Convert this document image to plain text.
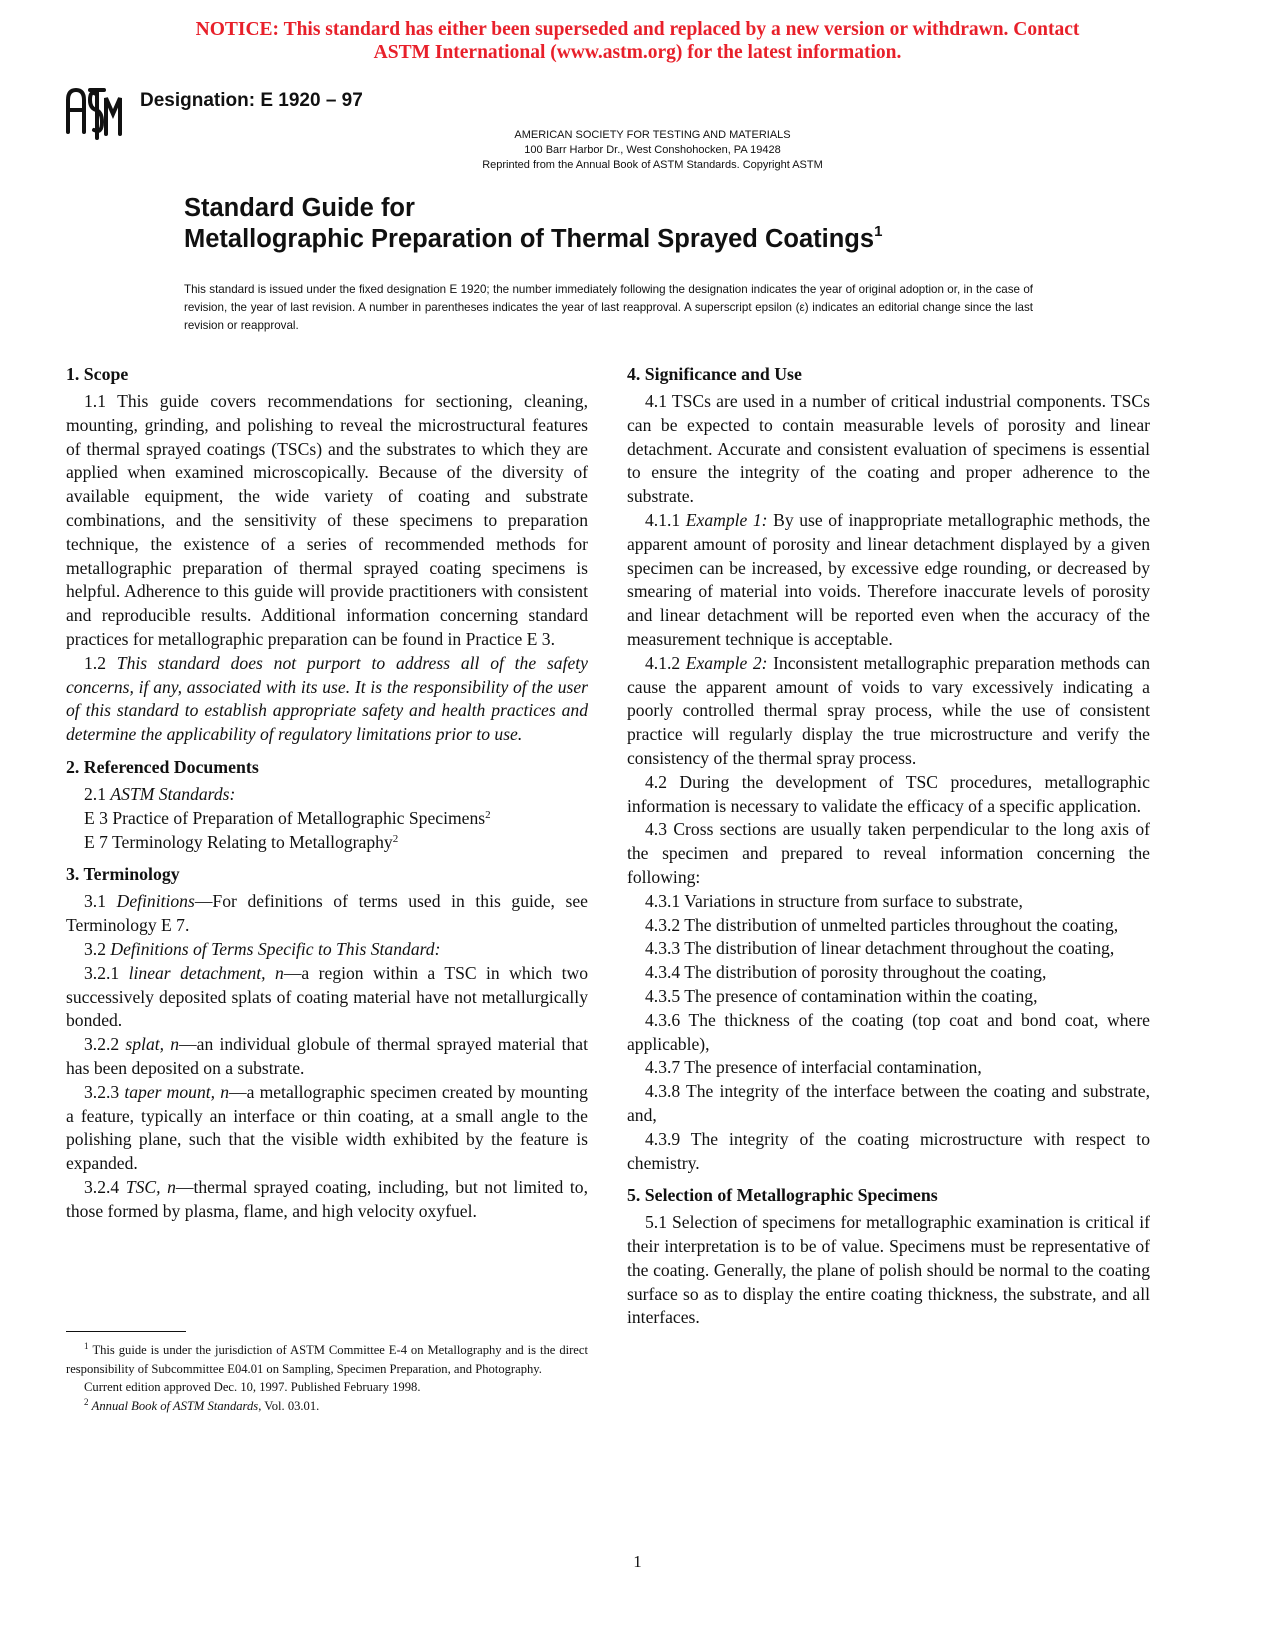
NOTICE: This standard has either been superseded and replaced by a new version or withdrawn. Contact
ASTM International (www.astm.org) for the latest information.
Designation: E 1920 – 97
AMERICAN SOCIETY FOR TESTING AND MATERIALS
100 Barr Harbor Dr., West Conshohocken, PA 19428
Reprinted from the Annual Book of ASTM Standards. Copyright ASTM
Standard Guide for
Metallographic Preparation of Thermal Sprayed Coatings$^1$
This standard is issued under the fixed designation E 1920; the number immediately following the designation indicates the year of original adoption or, in the case of revision, the year of last revision. A number in parentheses indicates the year of last reapproval. A superscript epsilon (ε) indicates an editorial change since the last revision or reapproval.
1. Scope

1.1 This guide covers recommendations for sectioning, cleaning, mounting, grinding, and polishing to reveal the microstructural features of thermal sprayed coatings (TSCs) and the substrates to which they are applied when examined microscopically. Because of the diversity of available equipment, the wide variety of coating and substrate combinations, and the sensitivity of these specimens to preparation technique, the existence of a series of recommended methods for metallographic preparation of thermal sprayed coating specimens is helpful. Adherence to this guide will provide practitioners with consistent and reproducible results. Additional information concerning standard practices for metallographic preparation can be found in Practice E 3.

1.2 This standard does not purport to address all of the safety concerns, if any, associated with its use. It is the responsibility of the user of this standard to establish appropriate safety and health practices and determine the applicability of regulatory limitations prior to use.

2. Referenced Documents

2.1 ASTM Standards:

E 3 Practice of Preparation of Metallographic Specimens$^2$

E 7 Terminology Relating to Metallography$^2$

3. Terminology

3.1 Definitions—For definitions of terms used in this guide, see Terminology E 7.

3.2 Definitions of Terms Specific to This Standard:

3.2.1 linear detachment, n—a region within a TSC in which two successively deposited splats of coating material have not metallurgically bonded.

3.2.2 splat, n—an individual globule of thermal sprayed material that has been deposited on a substrate.

3.2.3 taper mount, n—a metallographic specimen created by mounting a feature, typically an interface or thin coating, at a small angle to the polishing plane, such that the visible width exhibited by the feature is expanded.

3.2.4 TSC, n—thermal sprayed coating, including, but not limited to, those formed by plasma, flame, and high velocity oxyfuel.

4. Significance and Use

4.1 TSCs are used in a number of critical industrial components. TSCs can be expected to contain measurable levels of porosity and linear detachment. Accurate and consistent evaluation of specimens is essential to ensure the integrity of the coating and proper adherence to the substrate.

4.1.1 Example 1: By use of inappropriate metallographic methods, the apparent amount of porosity and linear detachment displayed by a given specimen can be increased, by excessive edge rounding, or decreased by smearing of material into voids. Therefore inaccurate levels of porosity and linear detachment will be reported even when the accuracy of the measurement technique is acceptable.

4.1.2 Example 2: Inconsistent metallographic preparation methods can cause the apparent amount of voids to vary excessively indicating a poorly controlled thermal spray process, while the use of consistent practice will regularly display the true microstructure and verify the consistency of the thermal spray process.

4.2 During the development of TSC procedures, metallographic information is necessary to validate the efficacy of a specific application.

4.3 Cross sections are usually taken perpendicular to the long axis of the specimen and prepared to reveal information concerning the following:

4.3.1 Variations in structure from surface to substrate,

4.3.2 The distribution of unmelted particles throughout the coating,

4.3.3 The distribution of linear detachment throughout the coating,

4.3.4 The distribution of porosity throughout the coating,

4.3.5 The presence of contamination within the coating,

4.3.6 The thickness of the coating (top coat and bond coat, where applicable),

4.3.7 The presence of interfacial contamination,

4.3.8 The integrity of the interface between the coating and substrate, and,

4.3.9 The integrity of the coating microstructure with respect to chemistry.

5. Selection of Metallographic Specimens

5.1 Selection of specimens for metallographic examination is critical if their interpretation is to be of value. Specimens must be representative of the coating. Generally, the plane of polish should be normal to the coating surface so as to display the entire coating thickness, the substrate, and all interfaces.

$^1$ This guide is under the jurisdiction of ASTM Committee E-4 on Metallography and is the direct responsibility of Subcommittee E04.01 on Sampling, Specimen Preparation, and Photography.

Current edition approved Dec. 10, 1997. Published February 1998.

$^2$ Annual Book of ASTM Standards, Vol. 03.01.

1
